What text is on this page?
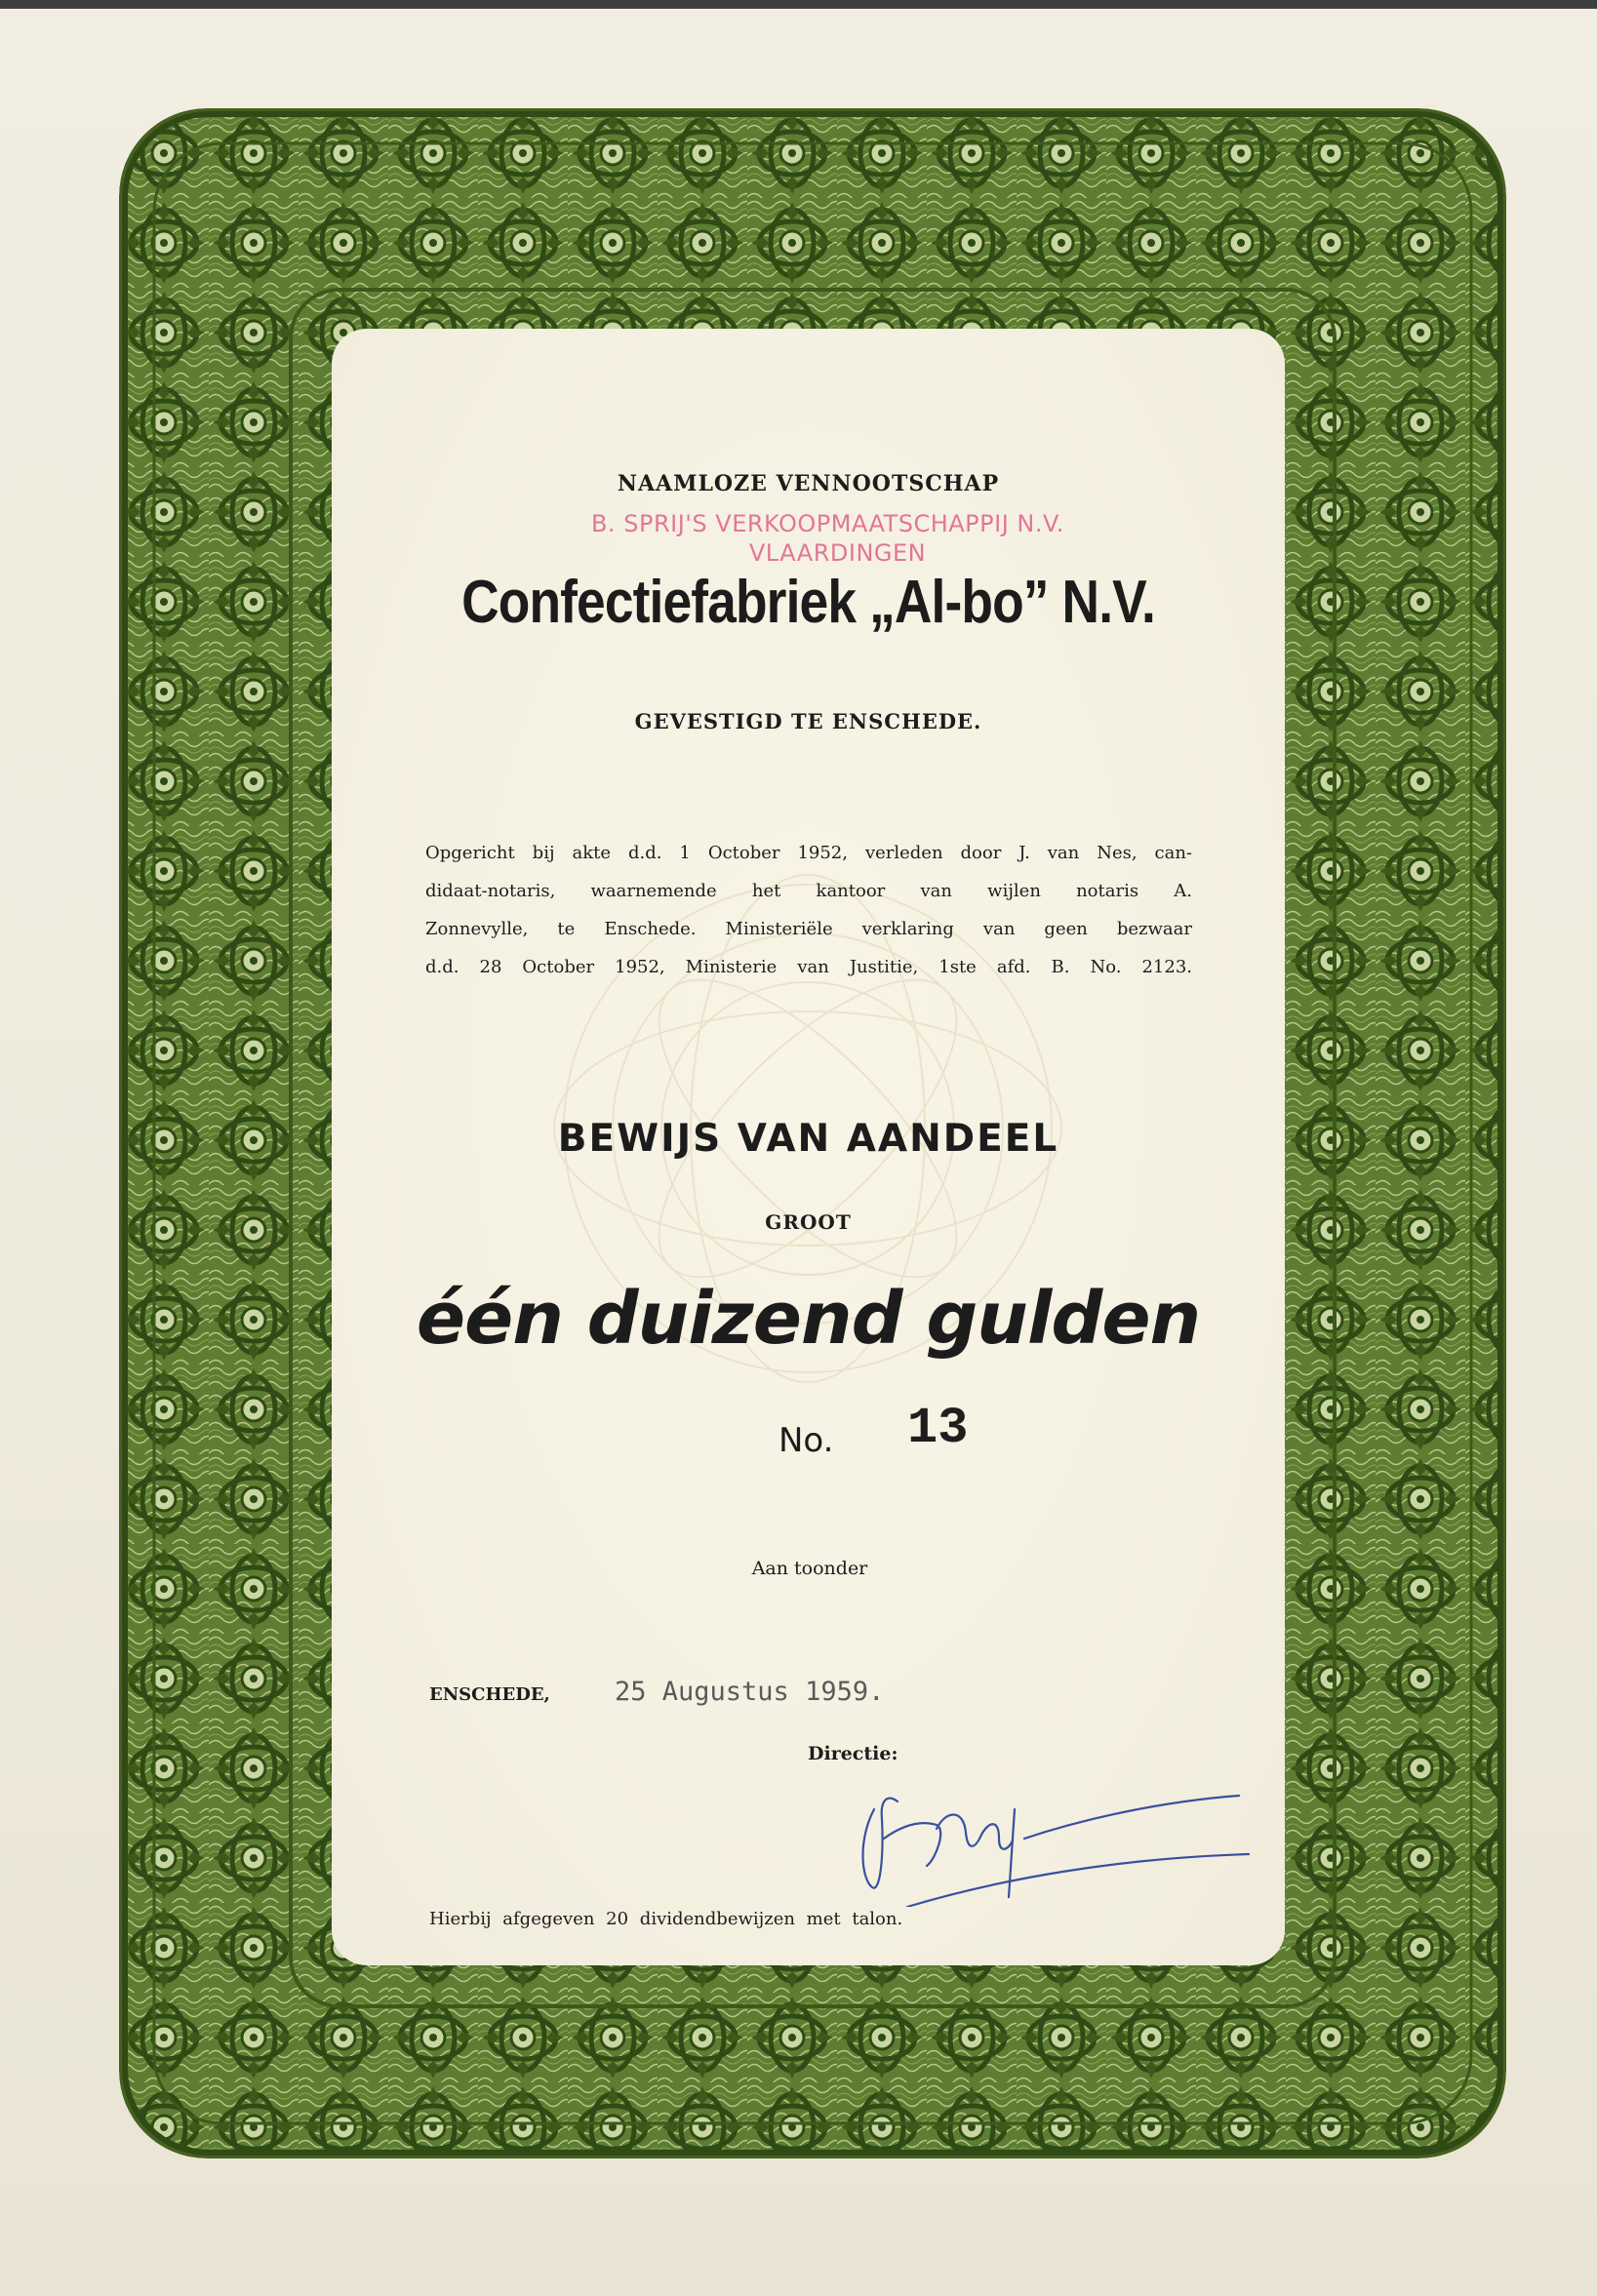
NAAMLOZE VENNOOTSCHAP
B. SPRIJ'S VERKOOPMAATSCHAPPIJ N.V.
VLAARDINGEN
Confectiefabriek „Al-bo” N.V.
GEVESTIGD TE ENSCHEDE.
Opgericht bij akte d.d. 1 October 1952, verleden door J. van Nes, can-
didaat-notaris, waarnemende het kantoor van wijlen notaris A.
Zonnevylle, te Enschede. Ministeriële verklaring van geen bezwaar
d.d. 28 October 1952, Ministerie van Justitie, 1ste afd. B. No. 2123.
BEWIJS VAN AANDEEL
GROOT
één duizend gulden
No. 13
Aan toonder
ENSCHEDE, 25 Augustus 1959.
Directie:
Hierbij afgegeven 20 dividendbewijzen met talon.
